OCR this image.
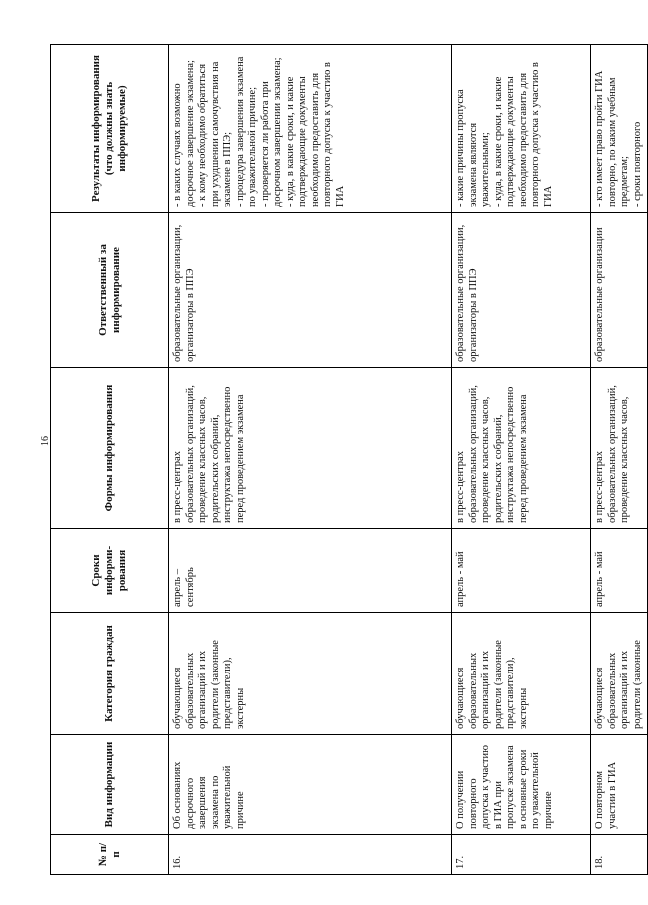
16
№ п/п	Вид информации	Категория граждан	Сроки информи-рования	Формы информирования	Ответственный за информирование	Результаты информирования (что должны знать информируемые)
16.	Об основаниях досрочного завершения экзамена по уважительной причине	обучающиеся образовательных организаций и их родители (законные представители), экстерны	апрель – сентябрь	в пресс-центрах образовательных организаций, проведение классных часов, родительских собраний, инструктажа непосредственно перед проведением экзамена	образовательные организации, организаторы в ППЭ	- в каких случаях возможно досрочное завершение экзамена; - к кому необходимо обратиться при ухудшении самочувствия на экзамене в ППЭ; - процедура завершения экзамена по уважительной причине; - проверяется ли работа при досрочном завершении экзамена; - куда, в какие сроки, и какие подтверждающие документы необходимо предоставить для повторного допуска к участию в ГИА

17.	О получении повторного допуска к участию в ГИА при пропуске экзамена в основные сроки по уважительной причине	обучающиеся образовательных организаций и их родители (законные представители), экстерны	апрель - май	в пресс-центрах образовательных организаций, проведение классных часов, родительских собраний, инструктажа непосредственно перед проведением экзамена	образовательные организации, организаторы в ППЭ	- какие причины пропуска экзамена являются уважительными; - куда, в какие сроки, и какие подтверждающие документы необходимо предоставить для повторного допуска к участию в ГИА

18.	О повторном участии в ГИА	обучающиеся образовательных организаций и их родители (законные	апрель - май	в пресс-центрах образовательных организаций, проведение классных часов,	образовательные организации	- кто имеет право пройти ГИА повторно, по каким учебным предметам; - сроки повторного
